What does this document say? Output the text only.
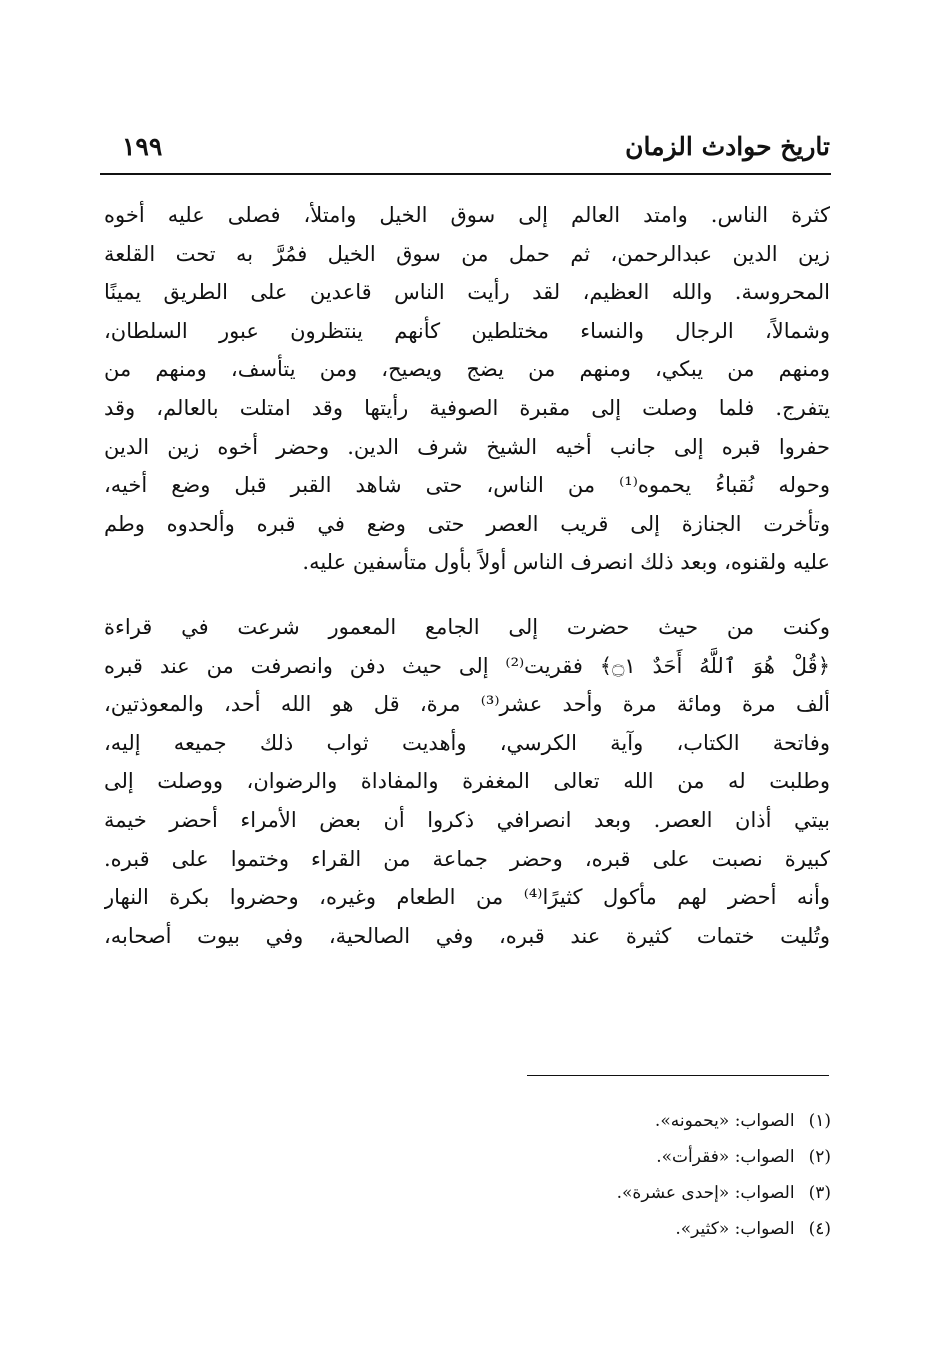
تاريخ حوادث الزمان
١٩٩
كثرة الناس. وامتد العالم إلى سوق الخيل وامتلأ، فصلى عليه أخوه
زين الدين عبدالرحمن، ثم حمل من سوق الخيل فمُرَّ به تحت القلعة
المحروسة. والله العظيم، لقد رأيت الناس قاعدين على الطريق يمينًا
وشمالاً، الرجال والنساء مختلطين كأنهم ينتظرون عبور السلطان،
ومنهم من يبكي، ومنهم من يضج ويصيح، ومن يتأسف، ومنهم من
يتفرج. فلما وصلت إلى مقبرة الصوفية رأيتها وقد امتلت بالعالم، وقد
حفروا قبره إلى جانب أخيه الشيخ شرف الدين. وحضر أخوه زين الدين
وحوله نُقباءُ يحموه⁽¹⁾ من الناس، حتى شاهد القبر قبل وضع أخيه،
وتأخرت الجنازة إلى قريب العصر حتى وضع في قبره وألحدوه وطم
عليه ولقنوه، وبعد ذلك انصرف الناس أولاً بأول متأسفين عليه.
وكنت من حيث حضرت إلى الجامع المعمور شرعت في قراءة
﴿قُلْ هُوَ ٱللَّهُ أَحَدٌ ۝١﴾ فقريت⁽²⁾ إلى حيث دفن وانصرفت من عند قبره
ألف مرة ومائة مرة وأحد عشر⁽³⁾ مرة، قل هو الله أحد، والمعوذتين،
وفاتحة الكتاب، وآية الكرسي، وأهديت ثواب ذلك جميعه إليه،
وطلبت له من الله تعالى المغفرة والمفاداة والرضوان، ووصلت إلى
بيتي أذان العصر. وبعد انصرافي ذكروا أن بعض الأمراء أحضر خيمة
كبيرة نصبت على قبره، وحضر جماعة من القراء وختموا على قبره.
وأنه أحضر لهم مأكول كثيرًا⁽⁴⁾ من الطعام وغيره، وحضروا بكرة النهار
وتُليت ختمات كثيرة عند قبره، وفي الصالحية، وفي بيوت أصحابه،
(١)الصواب: «يحمونه».
(٢)الصواب: «فقرأت».
(٣)الصواب: «إحدى عشرة».
(٤)الصواب: «كثير».
